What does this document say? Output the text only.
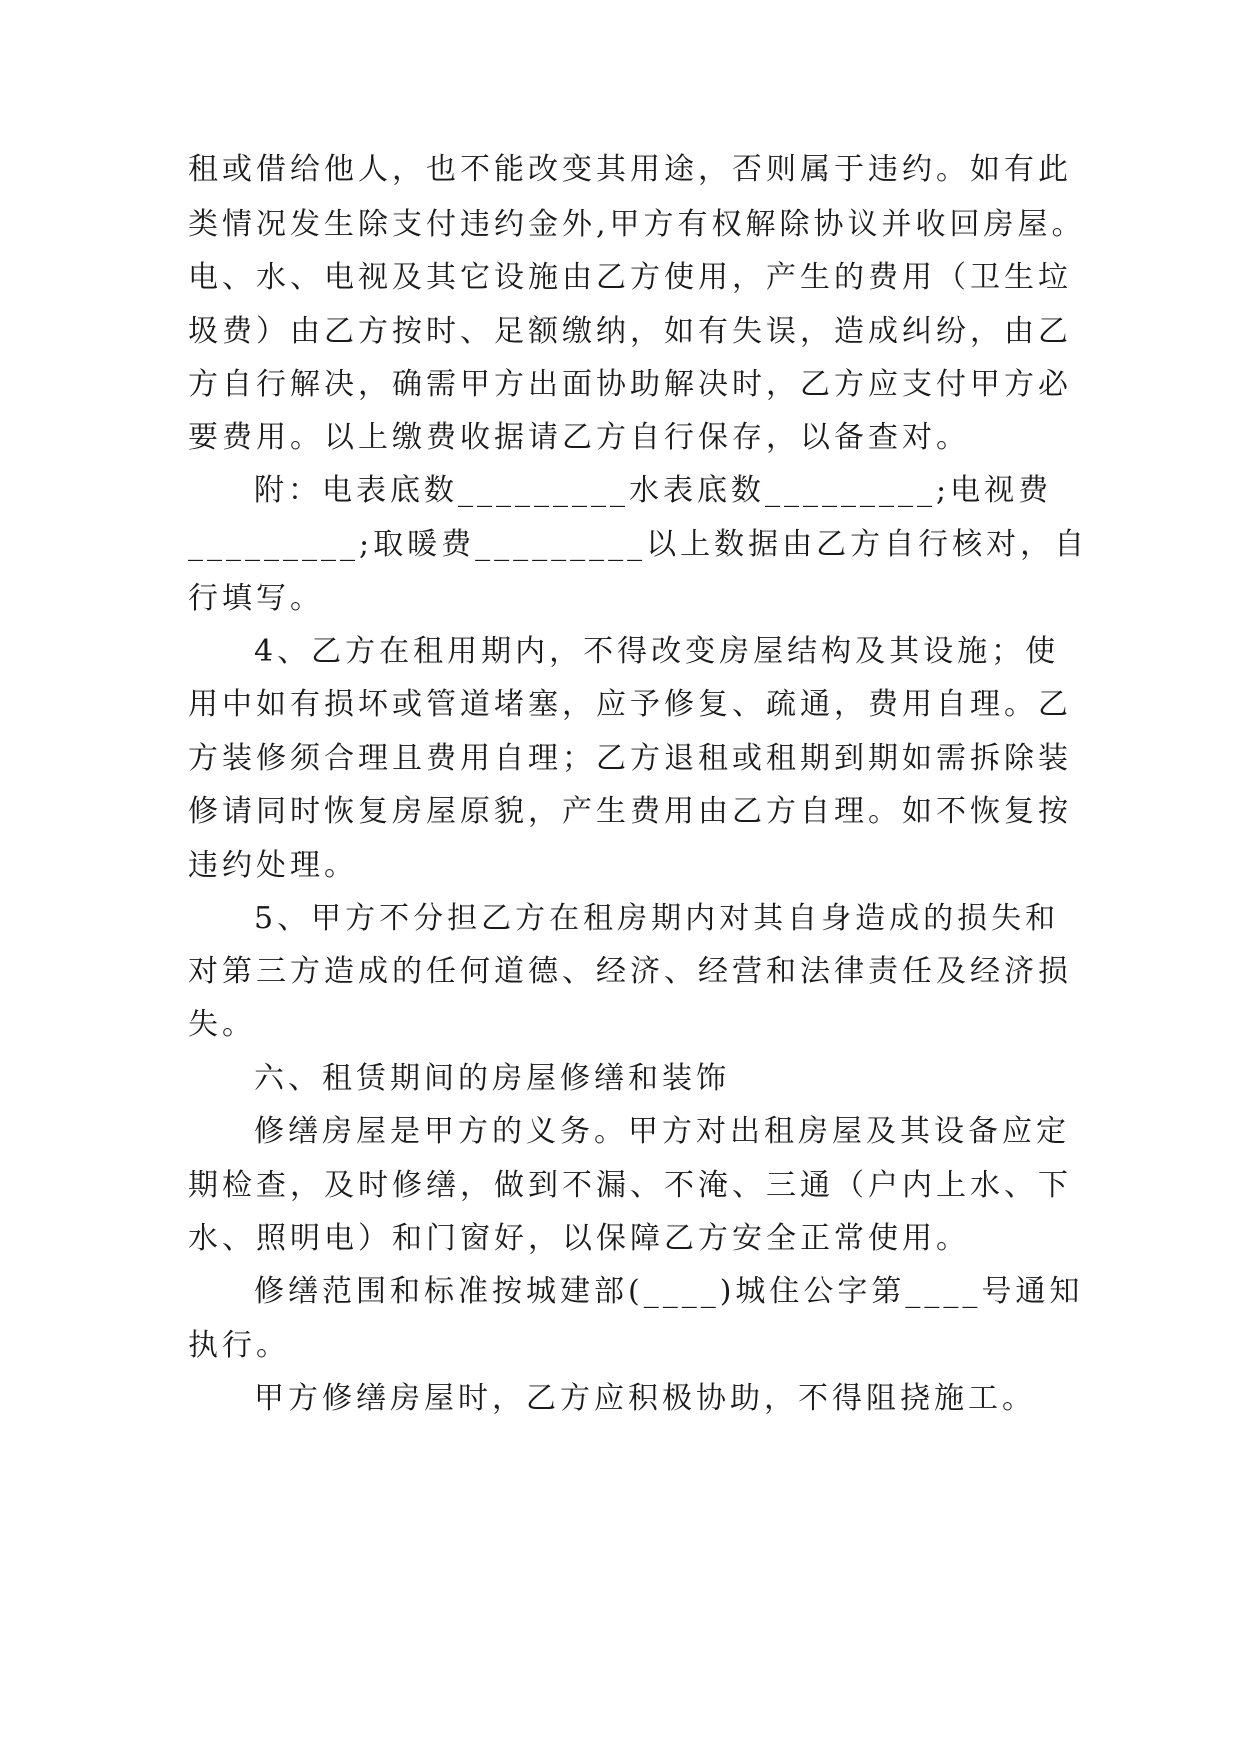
租或借给他人，也不能改变其用途，否则属于违约。如有此

类情况发生除支付违约金外,甲方有权解除协议并收回房屋。

电、水、电视及其它设施由乙方使用，产生的费用（卫生垃

圾费）由乙方按时、足额缴纳，如有失误，造成纠纷，由乙

方自行解决，确需甲方出面协助解决时，乙方应支付甲方必

要费用。以上缴费收据请乙方自行保存，以备查对。

附：电表底数_________水表底数_________;电视费

_________;取暖费_________以上数据由乙方自行核对，自

行填写。

4、乙方在租用期内，不得改变房屋结构及其设施；使

用中如有损坏或管道堵塞，应予修复、疏通，费用自理。乙

方装修须合理且费用自理；乙方退租或租期到期如需拆除装

修请同时恢复房屋原貌，产生费用由乙方自理。如不恢复按

违约处理。

5、甲方不分担乙方在租房期内对其自身造成的损失和

对第三方造成的任何道德、经济、经营和法律责任及经济损

失。

六、租赁期间的房屋修缮和装饰

修缮房屋是甲方的义务。甲方对出租房屋及其设备应定

期检查，及时修缮，做到不漏、不淹、三通（户内上水、下

水、照明电）和门窗好，以保障乙方安全正常使用。

修缮范围和标准按城建部(____)城住公字第____号通知

执行。

甲方修缮房屋时，乙方应积极协助，不得阻挠施工。
